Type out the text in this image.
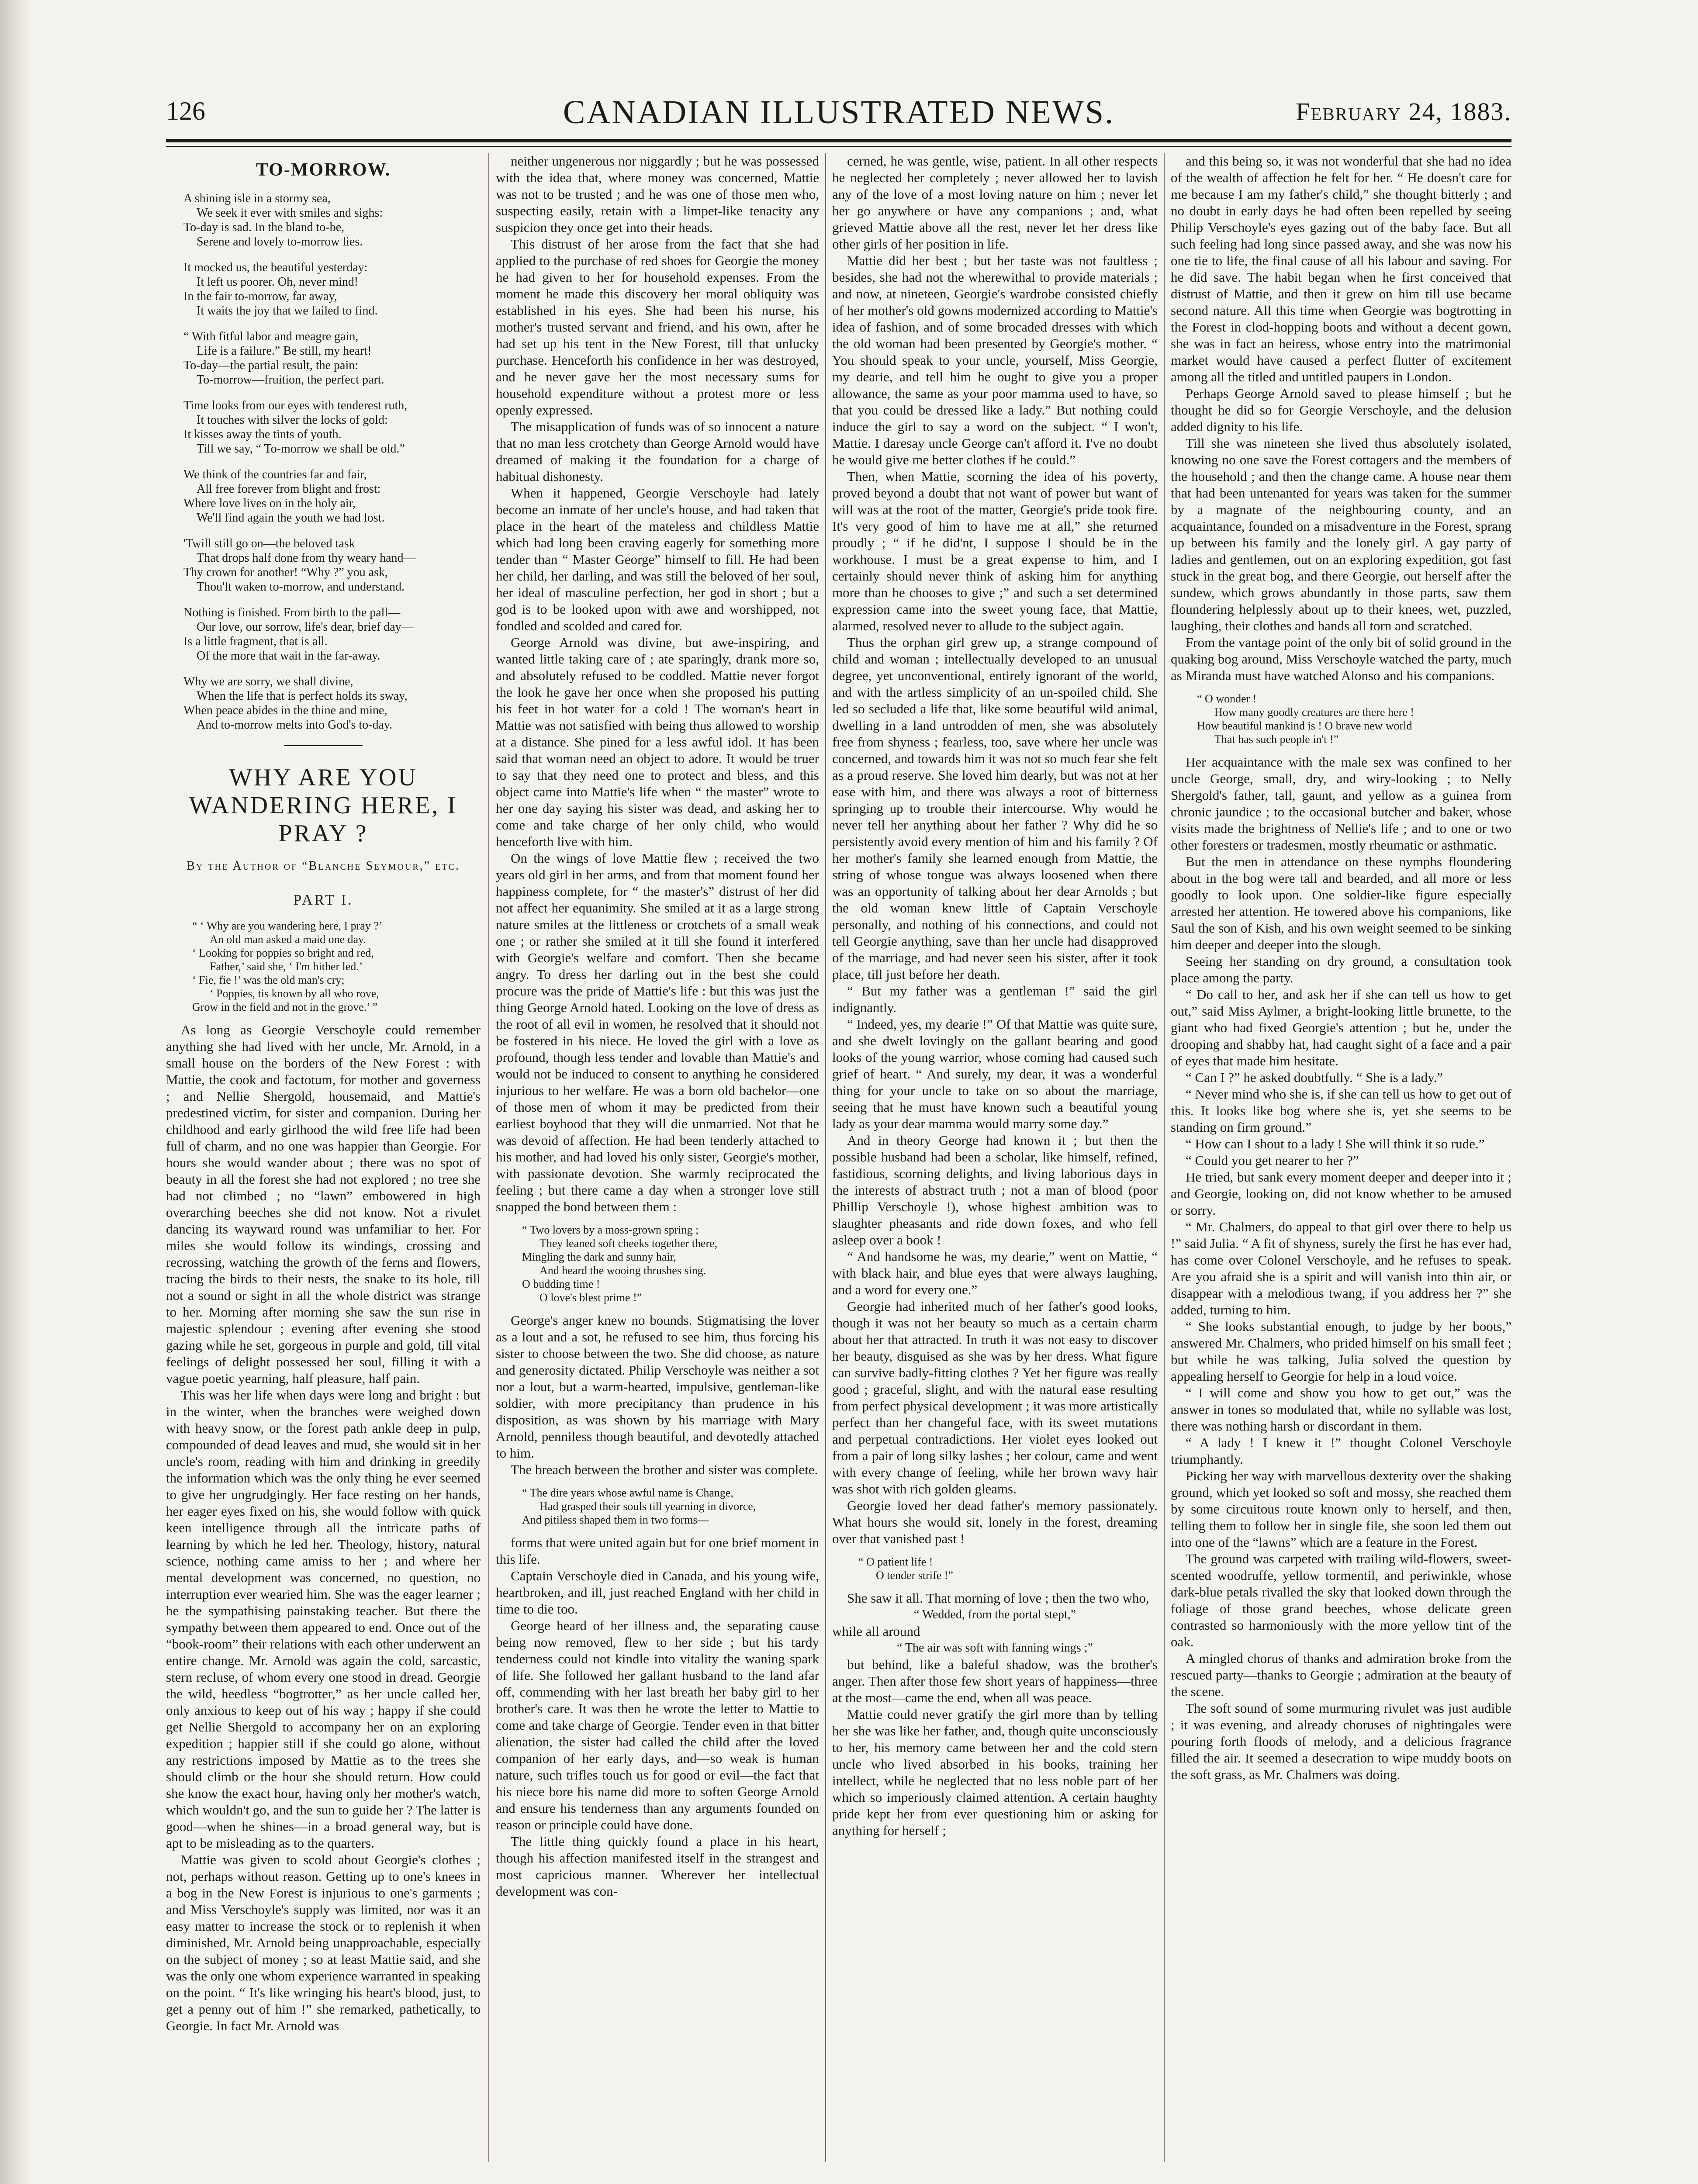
126	CANADIAN ILLUSTRATED NEWS.	February 24, 1883.
TO-MORROW.
A shining isle in a stormy sea,
We seek it ever with smiles and sighs:
To-day is sad. In the bland to-be,
Serene and lovely to-morrow lies.
It mocked us, the beautiful yesterday:
It left us poorer. Oh, never mind!
In the fair to-morrow, far away,
It waits the joy that we failed to find.
“ With fitful labor and meagre gain,
Life is a failure.” Be still, my heart!
To-day—the partial result, the pain:
To-morrow—fruition, the perfect part.
Time looks from our eyes with tenderest ruth,
It touches with silver the locks of gold:
It kisses away the tints of youth.
Till we say, “ To-morrow we shall be old.”
We think of the countries far and fair,
All free forever from blight and frost:
Where love lives on in the holy air,
We'll find again the youth we had lost.
'Twill still go on—the beloved task
That drops half done from thy weary hand—
Thy crown for another! “Why ?” you ask,
Thou'lt waken to-morrow, and understand.
Nothing is finished. From birth to the pall—
Our love, our sorrow, life's dear, brief day—
Is a little fragment, that is all.
Of the more that wait in the far-away.
Why we are sorry, we shall divine,
When the life that is perfect holds its sway,
When peace abides in the thine and mine,
And to-morrow melts into God's to-day.
WHY ARE YOU WANDERING HERE, I PRAY ?
By the Author of “Blanche Seymour,” etc.
PART I.
“ ‘ Why are you wandering here, I pray ?’
An old man asked a maid one day.
‘ Looking for poppies so bright and red,
Father,’ said she, ‘ I'm hither led.’
‘ Fie, fie !’ was the old man's cry;
‘ Poppies, tis known by all who rove,
Grow in the field and not in the grove.’ ”

As long as Georgie Verschoyle could remember anything she had lived with her uncle, Mr. Arnold, in a small house on the borders of the New Forest : with Mattie, the cook and factotum, for mother and governess ; and Nellie Shergold, housemaid, and Mattie's predestined victim, for sister and companion. During her childhood and early girlhood the wild free life had been full of charm, and no one was happier than Georgie. For hours she would wander about ; there was no spot of beauty in all the forest she had not explored ; no tree she had not climbed ; no “lawn” embowered in high overarching beeches she did not know. Not a rivulet dancing its wayward round was unfamiliar to her. For miles she would follow its windings, crossing and recrossing, watching the growth of the ferns and flowers, tracing the birds to their nests, the snake to its hole, till not a sound or sight in all the whole district was strange to her. Morning after morning she saw the sun rise in majestic splendour ; evening after evening she stood gazing while he set, gorgeous in purple and gold, till vital feelings of delight possessed her soul, filling it with a vague poetic yearning, half pleasure, half pain.

This was her life when days were long and bright : but in the winter, when the branches were weighed down with heavy snow, or the forest path ankle deep in pulp, compounded of dead leaves and mud, she would sit in her uncle's room, reading with him and drinking in greedily the information which was the only thing he ever seemed to give her ungrudgingly. Her face resting on her hands, her eager eyes fixed on his, she would follow with quick keen intelligence through all the intricate paths of learning by which he led her. Theology, history, natural science, nothing came amiss to her ; and where her mental development was concerned, no question, no interruption ever wearied him. She was the eager learner ; he the sympathising painstaking teacher. But there the sympathy between them appeared to end. Once out of the “book-room” their relations with each other underwent an entire change. Mr. Arnold was again the cold, sarcastic, stern recluse, of whom every one stood in dread. Georgie the wild, heedless “bogtrotter,” as her uncle called her, only anxious to keep out of his way ; happy if she could get Nellie Shergold to accompany her on an exploring expedition ; happier still if she could go alone, without any restrictions imposed by Mattie as to the trees she should climb or the hour she should return. How could she know the exact hour, having only her mother's watch, which wouldn't go, and the sun to guide her ? The latter is good—when he shines—in a broad general way, but is apt to be misleading as to the quarters.

Mattie was given to scold about Georgie's clothes ; not, perhaps without reason. Getting up to one's knees in a bog in the New Forest is injurious to one's garments ; and Miss Verschoyle's supply was limited, nor was it an easy matter to increase the stock or to replenish it when diminished, Mr. Arnold being unapproachable, especially on the subject of money ; so at least Mattie said, and she was the only one whom experience warranted in speaking on the point. “ It's like wringing his heart's blood, just, to get a penny out of him !” she remarked, pathetically, to Georgie. In fact Mr. Arnold was

neither ungenerous nor niggardly ; but he was possessed with the idea that, where money was concerned, Mattie was not to be trusted ; and he was one of those men who, suspecting easily, retain with a limpet-like tenacity any suspicion they once get into their heads.

This distrust of her arose from the fact that she had applied to the purchase of red shoes for Georgie the money he had given to her for household expenses. From the moment he made this discovery her moral obliquity was established in his eyes. She had been his nurse, his mother's trusted servant and friend, and his own, after he had set up his tent in the New Forest, till that unlucky purchase. Henceforth his confidence in her was destroyed, and he never gave her the most necessary sums for household expenditure without a protest more or less openly expressed.

The misapplication of funds was of so innocent a nature that no man less crotchety than George Arnold would have dreamed of making it the foundation for a charge of habitual dishonesty.

When it happened, Georgie Verschoyle had lately become an inmate of her uncle's house, and had taken that place in the heart of the mateless and childless Mattie which had long been craving eagerly for something more tender than “ Master George” himself to fill. He had been her child, her darling, and was still the beloved of her soul, her ideal of masculine perfection, her god in short ; but a god is to be looked upon with awe and worshipped, not fondled and scolded and cared for.

George Arnold was divine, but awe-inspiring, and wanted little taking care of ; ate sparingly, drank more so, and absolutely refused to be coddled. Mattie never forgot the look he gave her once when she proposed his putting his feet in hot water for a cold ! The woman's heart in Mattie was not satisfied with being thus allowed to worship at a distance. She pined for a less awful idol. It has been said that woman need an object to adore. It would be truer to say that they need one to protect and bless, and this object came into Mattie's life when “ the master” wrote to her one day saying his sister was dead, and asking her to come and take charge of her only child, who would henceforth live with him.

On the wings of love Mattie flew ; received the two years old girl in her arms, and from that moment found her happiness complete, for “ the master's” distrust of her did not affect her equanimity. She smiled at it as a large strong nature smiles at the littleness or crotchets of a small weak one ; or rather she smiled at it till she found it interfered with Georgie's welfare and comfort. Then she became angry. To dress her darling out in the best she could procure was the pride of Mattie's life : but this was just the thing George Arnold hated. Looking on the love of dress as the root of all evil in women, he resolved that it should not be fostered in his niece. He loved the girl with a love as profound, though less tender and lovable than Mattie's and would not be induced to consent to anything he considered injurious to her welfare. He was a born old bachelor—one of those men of whom it may be predicted from their earliest boyhood that they will die unmarried. Not that he was devoid of affection. He had been tenderly attached to his mother, and had loved his only sister, Georgie's mother, with passionate devotion. She warmly reciprocated the feeling ; but there came a day when a stronger love still snapped the bond between them :

“ Two lovers by a moss-grown spring ;
They leaned soft cheeks together there,
Mingling the dark and sunny hair,
And heard the wooing thrushes sing.
O budding time !
O love's blest prime !”

George's anger knew no bounds. Stigmatising the lover as a lout and a sot, he refused to see him, thus forcing his sister to choose between the two. She did choose, as nature and generosity dictated. Philip Verschoyle was neither a sot nor a lout, but a warm-hearted, impulsive, gentleman-like soldier, with more precipitancy than prudence in his disposition, as was shown by his marriage with Mary Arnold, penniless though beautiful, and devotedly attached to him.

The breach between the brother and sister was complete.

“ The dire years whose awful name is Change,
Had grasped their souls till yearning in divorce,
And pitiless shaped them in two forms—

forms that were united again but for one brief moment in this life.

Captain Verschoyle died in Canada, and his young wife, heartbroken, and ill, just reached England with her child in time to die too.

George heard of her illness and, the separating cause being now removed, flew to her side ; but his tardy tenderness could not kindle into vitality the waning spark of life. She followed her gallant husband to the land afar off, commending with her last breath her baby girl to her brother's care. It was then he wrote the letter to Mattie to come and take charge of Georgie. Tender even in that bitter alienation, the sister had called the child after the loved companion of her early days, and—so weak is human nature, such trifles touch us for good or evil—the fact that his niece bore his name did more to soften George Arnold and ensure his tenderness than any arguments founded on reason or principle could have done.

The little thing quickly found a place in his heart, though his affection manifested itself in the strangest and most capricious manner. Wherever her intellectual development was con-

cerned, he was gentle, wise, patient. In all other respects he neglected her completely ; never allowed her to lavish any of the love of a most loving nature on him ; never let her go anywhere or have any companions ; and, what grieved Mattie above all the rest, never let her dress like other girls of her position in life.

Mattie did her best ; but her taste was not faultless ; besides, she had not the wherewithal to provide materials ; and now, at nineteen, Georgie's wardrobe consisted chiefly of her mother's old gowns modernized according to Mattie's idea of fashion, and of some brocaded dresses with which the old woman had been presented by Georgie's mother. “ You should speak to your uncle, yourself, Miss Georgie, my dearie, and tell him he ought to give you a proper allowance, the same as your poor mamma used to have, so that you could be dressed like a lady.” But nothing could induce the girl to say a word on the subject. “ I won't, Mattie. I daresay uncle George can't afford it. I've no doubt he would give me better clothes if he could.”

Then, when Mattie, scorning the idea of his poverty, proved beyond a doubt that not want of power but want of will was at the root of the matter, Georgie's pride took fire. It's very good of him to have me at all,” she returned proudly ; “ if he did'nt, I suppose I should be in the workhouse. I must be a great expense to him, and I certainly should never think of asking him for anything more than he chooses to give ;” and such a set determined expression came into the sweet young face, that Mattie, alarmed, resolved never to allude to the subject again.

Thus the orphan girl grew up, a strange compound of child and woman ; intellectually developed to an unusual degree, yet unconventional, entirely ignorant of the world, and with the artless simplicity of an un-spoiled child. She led so secluded a life that, like some beautiful wild animal, dwelling in a land untrodden of men, she was absolutely free from shyness ; fearless, too, save where her uncle was concerned, and towards him it was not so much fear she felt as a proud reserve. She loved him dearly, but was not at her ease with him, and there was always a root of bitterness springing up to trouble their intercourse. Why would he never tell her anything about her father ? Why did he so persistently avoid every mention of him and his family ? Of her mother's family she learned enough from Mattie, the string of whose tongue was always loosened when there was an opportunity of talking about her dear Arnolds ; but the old woman knew little of Captain Verschoyle personally, and nothing of his connections, and could not tell Georgie anything, save than her uncle had disapproved of the marriage, and had never seen his sister, after it took place, till just before her death.

“ But my father was a gentleman !” said the girl indignantly.

“ Indeed, yes, my dearie !” Of that Mattie was quite sure, and she dwelt lovingly on the gallant bearing and good looks of the young warrior, whose coming had caused such grief of heart. “ And surely, my dear, it was a wonderful thing for your uncle to take on so about the marriage, seeing that he must have known such a beautiful young lady as your dear mamma would marry some day.”

And in theory George had known it ; but then the possible husband had been a scholar, like himself, refined, fastidious, scorning delights, and living laborious days in the interests of abstract truth ; not a man of blood (poor Phillip Verschoyle !), whose highest ambition was to slaughter pheasants and ride down foxes, and who fell asleep over a book !

“ And handsome he was, my dearie,” went on Mattie, “ with black hair, and blue eyes that were always laughing, and a word for every one.”

Georgie had inherited much of her father's good looks, though it was not her beauty so much as a certain charm about her that attracted. In truth it was not easy to discover her beauty, disguised as she was by her dress. What figure can survive badly-fitting clothes ? Yet her figure was really good ; graceful, slight, and with the natural ease resulting from perfect physical development ; it was more artistically perfect than her changeful face, with its sweet mutations and perpetual contradictions. Her violet eyes looked out from a pair of long silky lashes ; her colour, came and went with every change of feeling, while her brown wavy hair was shot with rich golden gleams.

Georgie loved her dead father's memory passionately. What hours she would sit, lonely in the forest, dreaming over that vanished past !

“ O patient life !
O tender strife !”

She saw it all. That morning of love ; then the two who,

“ Wedded, from the portal stept,”

while all around

“ The air was soft with fanning wings ;”

but behind, like a baleful shadow, was the brother's anger. Then after those few short years of happiness—three at the most—came the end, when all was peace.

Mattie could never gratify the girl more than by telling her she was like her father, and, though quite unconsciously to her, his memory came between her and the cold stern uncle who lived absorbed in his books, training her intellect, while he neglected that no less noble part of her which so imperiously claimed attention. A certain haughty pride kept her from ever questioning him or asking for anything for herself ;

and this being so, it was not wonderful that she had no idea of the wealth of affection he felt for her. “ He doesn't care for me because I am my father's child,” she thought bitterly ; and no doubt in early days he had often been repelled by seeing Philip Verschoyle's eyes gazing out of the baby face. But all such feeling had long since passed away, and she was now his one tie to life, the final cause of all his labour and saving. For he did save. The habit began when he first conceived that distrust of Mattie, and then it grew on him till use became second nature. All this time when Georgie was bogtrotting in the Forest in clod-hopping boots and without a decent gown, she was in fact an heiress, whose entry into the matrimonial market would have caused a perfect flutter of excitement among all the titled and untitled paupers in London.

Perhaps George Arnold saved to please himself ; but he thought he did so for Georgie Verschoyle, and the delusion added dignity to his life.

Till she was nineteen she lived thus absolutely isolated, knowing no one save the Forest cottagers and the members of the household ; and then the change came. A house near them that had been untenanted for years was taken for the summer by a magnate of the neighbouring county, and an acquaintance, founded on a misadventure in the Forest, sprang up between his family and the lonely girl. A gay party of ladies and gentlemen, out on an exploring expedition, got fast stuck in the great bog, and there Georgie, out herself after the sundew, which grows abundantly in those parts, saw them floundering helplessly about up to their knees, wet, puzzled, laughing, their clothes and hands all torn and scratched.

From the vantage point of the only bit of solid ground in the quaking bog around, Miss Verschoyle watched the party, much as Miranda must have watched Alonso and his companions.

“ O wonder !
How many goodly creatures are there here !
How beautiful mankind is ! O brave new world
That has such people in't !”

Her acquaintance with the male sex was confined to her uncle George, small, dry, and wiry-looking ; to Nelly Shergold's father, tall, gaunt, and yellow as a guinea from chronic jaundice ; to the occasional butcher and baker, whose visits made the brightness of Nellie's life ; and to one or two other foresters or tradesmen, mostly rheumatic or asthmatic.

But the men in attendance on these nymphs floundering about in the bog were tall and bearded, and all more or less goodly to look upon. One soldier-like figure especially arrested her attention. He towered above his companions, like Saul the son of Kish, and his own weight seemed to be sinking him deeper and deeper into the slough.

Seeing her standing on dry ground, a consultation took place among the party.

“ Do call to her, and ask her if she can tell us how to get out,” said Miss Aylmer, a bright-looking little brunette, to the giant who had fixed Georgie's attention ; but he, under the drooping and shabby hat, had caught sight of a face and a pair of eyes that made him hesitate.

“ Can I ?” he asked doubtfully. “ She is a lady.”

“ Never mind who she is, if she can tell us how to get out of this. It looks like bog where she is, yet she seems to be standing on firm ground.”

“ How can I shout to a lady ! She will think it so rude.”

“ Could you get nearer to her ?”

He tried, but sank every moment deeper and deeper into it ; and Georgie, looking on, did not know whether to be amused or sorry.

“ Mr. Chalmers, do appeal to that girl over there to help us !” said Julia. “ A fit of shyness, surely the first he has ever had, has come over Colonel Verschoyle, and he refuses to speak. Are you afraid she is a spirit and will vanish into thin air, or disappear with a melodious twang, if you address her ?” she added, turning to him.

“ She looks substantial enough, to judge by her boots,” answered Mr. Chalmers, who prided himself on his small feet ; but while he was talking, Julia solved the question by appealing herself to Georgie for help in a loud voice.

“ I will come and show you how to get out,” was the answer in tones so modulated that, while no syllable was lost, there was nothing harsh or discordant in them.

“ A lady ! I knew it !” thought Colonel Verschoyle triumphantly.

Picking her way with marvellous dexterity over the shaking ground, which yet looked so soft and mossy, she reached them by some circuitous route known only to herself, and then, telling them to follow her in single file, she soon led them out into one of the “lawns” which are a feature in the Forest.

The ground was carpeted with trailing wild-flowers, sweet-scented woodruffe, yellow tormentil, and periwinkle, whose dark-blue petals rivalled the sky that looked down through the foliage of those grand beeches, whose delicate green contrasted so harmoniously with the more yellow tint of the oak.

A mingled chorus of thanks and admiration broke from the rescued party—thanks to Georgie ; admiration at the beauty of the scene.

The soft sound of some murmuring rivulet was just audible ; it was evening, and already choruses of nightingales were pouring forth floods of melody, and a delicious fragrance filled the air. It seemed a desecration to wipe muddy boots on the soft grass, as Mr. Chalmers was doing.
